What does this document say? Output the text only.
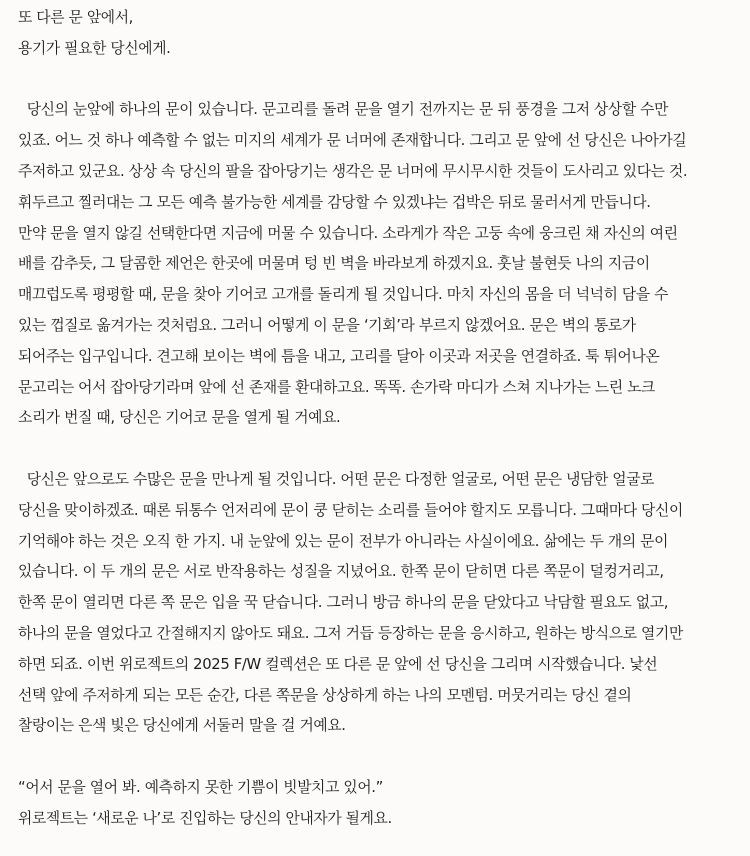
또 다른 문 앞에서,
용기가 필요한 당신에게.
당신의 눈앞에 하나의 문이 있습니다. 문고리를 돌려 문을 열기 전까지는 문 뒤 풍경을 그저 상상할 수만
있죠. 어느 것 하나 예측할 수 없는 미지의 세계가 문 너머에 존재합니다. 그리고 문 앞에 선 당신은 나아가길
주저하고 있군요. 상상 속 당신의 팔을 잡아당기는 생각은 문 너머에 무시무시한 것들이 도사리고 있다는 것.
휘두르고 찔러대는 그 모든 예측 불가능한 세계를 감당할 수 있겠냐는 겁박은 뒤로 물러서게 만듭니다.
만약 문을 열지 않길 선택한다면 지금에 머물 수 있습니다. 소라게가 작은 고둥 속에 웅크린 채 자신의 여린
배를 감추듯, 그 달콤한 제언은 한곳에 머물며 텅 빈 벽을 바라보게 하겠지요. 훗날 불현듯 나의 지금이
매끄럽도록 평평할 때, 문을 찾아 기어코 고개를 돌리게 될 것입니다. 마치 자신의 몸을 더 넉넉히 담을 수
있는 껍질로 옮겨가는 것처럼요. 그러니 어떻게 이 문을 ‘기회’라 부르지 않겠어요. 문은 벽의 통로가
되어주는 입구입니다. 견고해 보이는 벽에 틈을 내고, 고리를 달아 이곳과 저곳을 연결하죠. 툭 튀어나온
문고리는 어서 잡아당기라며 앞에 선 존재를 환대하고요. 똑똑. 손가락 마디가 스쳐 지나가는 느린 노크
소리가 번질 때, 당신은 기어코 문을 열게 될 거예요.
당신은 앞으로도 수많은 문을 만나게 될 것입니다. 어떤 문은 다정한 얼굴로, 어떤 문은 냉담한 얼굴로
당신을 맞이하겠죠. 때론 뒤통수 언저리에 문이 쿵 닫히는 소리를 들어야 할지도 모릅니다. 그때마다 당신이
기억해야 하는 것은 오직 한 가지. 내 눈앞에 있는 문이 전부가 아니라는 사실이에요. 삶에는 두 개의 문이
있습니다. 이 두 개의 문은 서로 반작용하는 성질을 지녔어요. 한쪽 문이 닫히면 다른 쪽문이 덜컹거리고,
한쪽 문이 열리면 다른 쪽 문은 입을 꾹 닫습니다. 그러니 방금 하나의 문을 닫았다고 낙담할 필요도 없고,
하나의 문을 열었다고 간절해지지 않아도 돼요. 그저 거듭 등장하는 문을 응시하고, 원하는 방식으로 열기만
하면 되죠. 이번 위로젝트의 2025 F/W 컬렉션은 또 다른 문 앞에 선 당신을 그리며 시작했습니다. 낯선
선택 앞에 주저하게 되는 모든 순간, 다른 쪽문을 상상하게 하는 나의 모멘텀. 머뭇거리는 당신 곁의
찰랑이는 은색 빛은 당신에게 서둘러 말을 걸 거예요.
“어서 문을 열어 봐. 예측하지 못한 기쁨이 빗발치고 있어.”
위로젝트는 ‘새로운 나’로 진입하는 당신의 안내자가 될게요.
